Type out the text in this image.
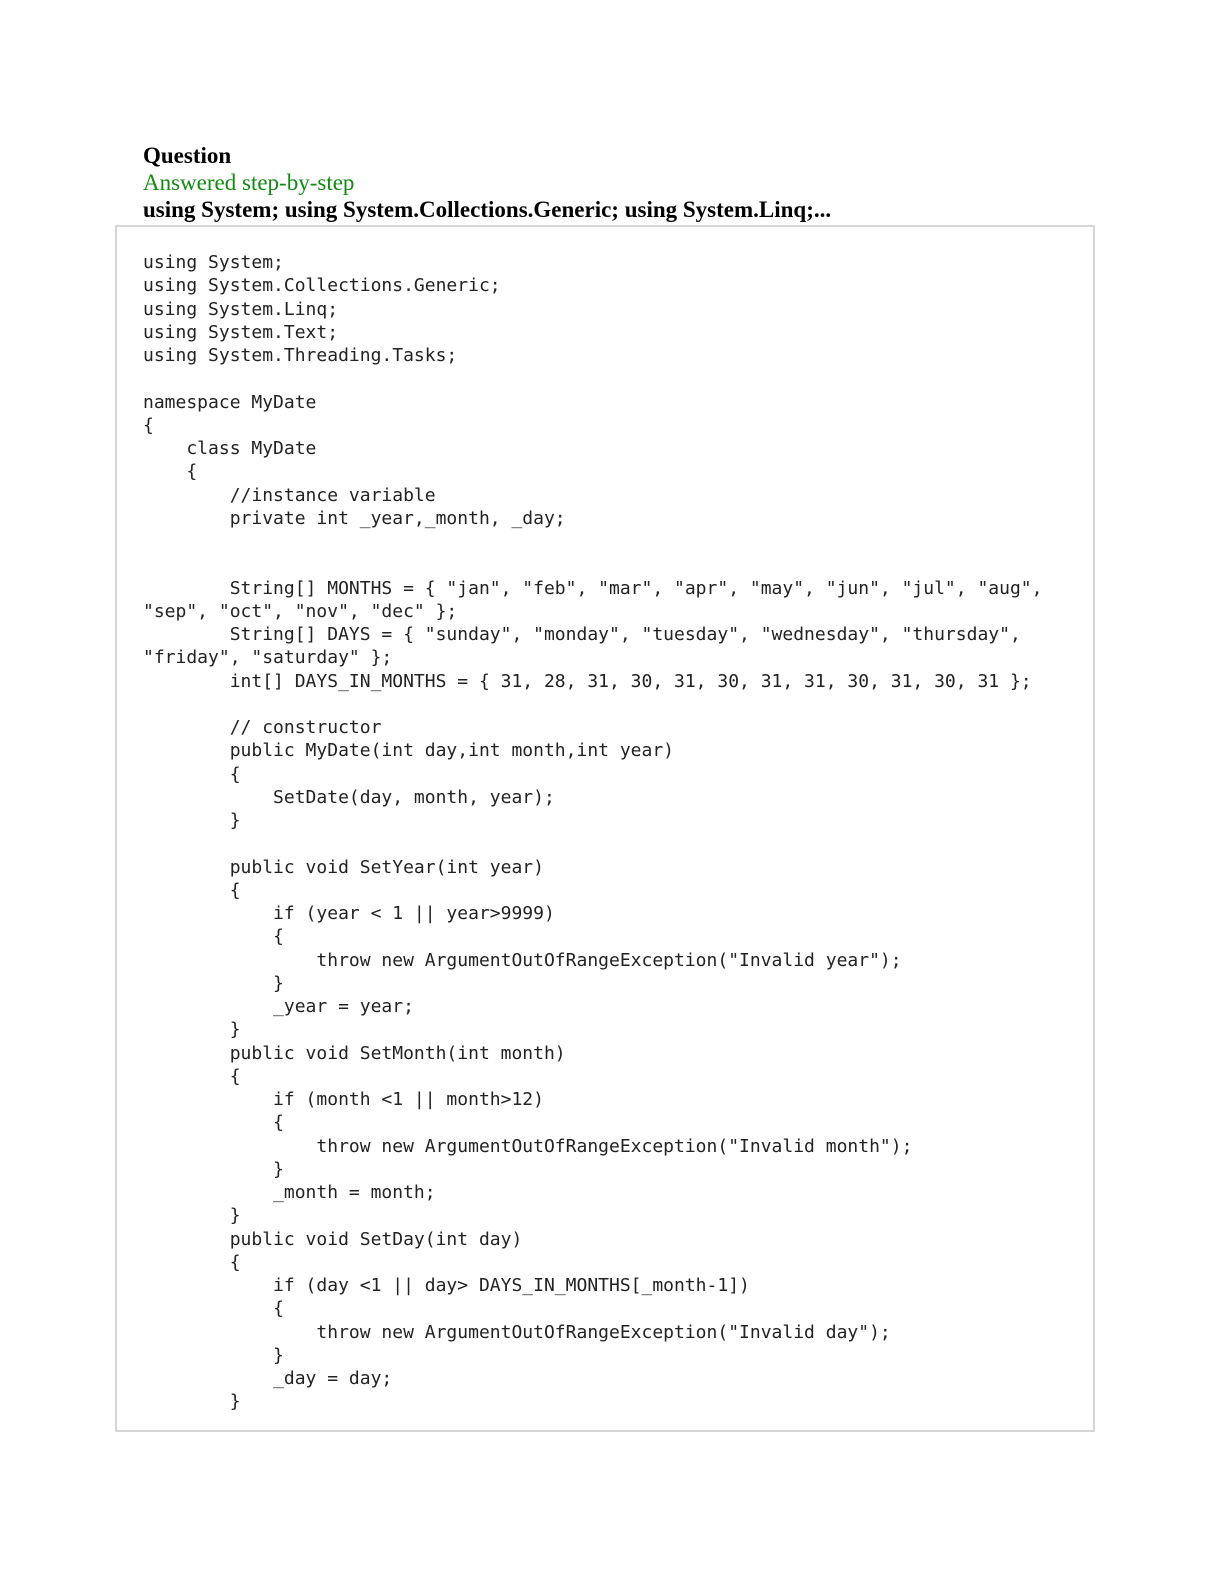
Question
Answered step-by-step
using System; using System.Collections.Generic; using System.Linq;...
using System;
using System.Collections.Generic;
using System.Linq;
using System.Text;
using System.Threading.Tasks;
namespace MyDate
{
class MyDate
{
//instance variable
private int _year,_month, _day;
String[] MONTHS = { "jan", "feb", "mar", "apr", "may", "jun", "jul", "aug",
"sep", "oct", "nov", "dec" };
String[] DAYS = { "sunday", "monday", "tuesday", "wednesday", "thursday",
"friday", "saturday" };
int[] DAYS_IN_MONTHS = { 31, 28, 31, 30, 31, 30, 31, 31, 30, 31, 30, 31 };
// constructor
public MyDate(int day,int month,int year)
{
SetDate(day, month, year);
}
public void SetYear(int year)
{
if (year < 1 || year>9999)
{
throw new ArgumentOutOfRangeException("Invalid year");
}
_year = year;
}
public void SetMonth(int month)
{
if (month <1 || month>12)
{
throw new ArgumentOutOfRangeException("Invalid month");
}
_month = month;
}
public void SetDay(int day)
{
if (day <1 || day> DAYS_IN_MONTHS[_month-1])
{
throw new ArgumentOutOfRangeException("Invalid day");
}
_day = day;
}
